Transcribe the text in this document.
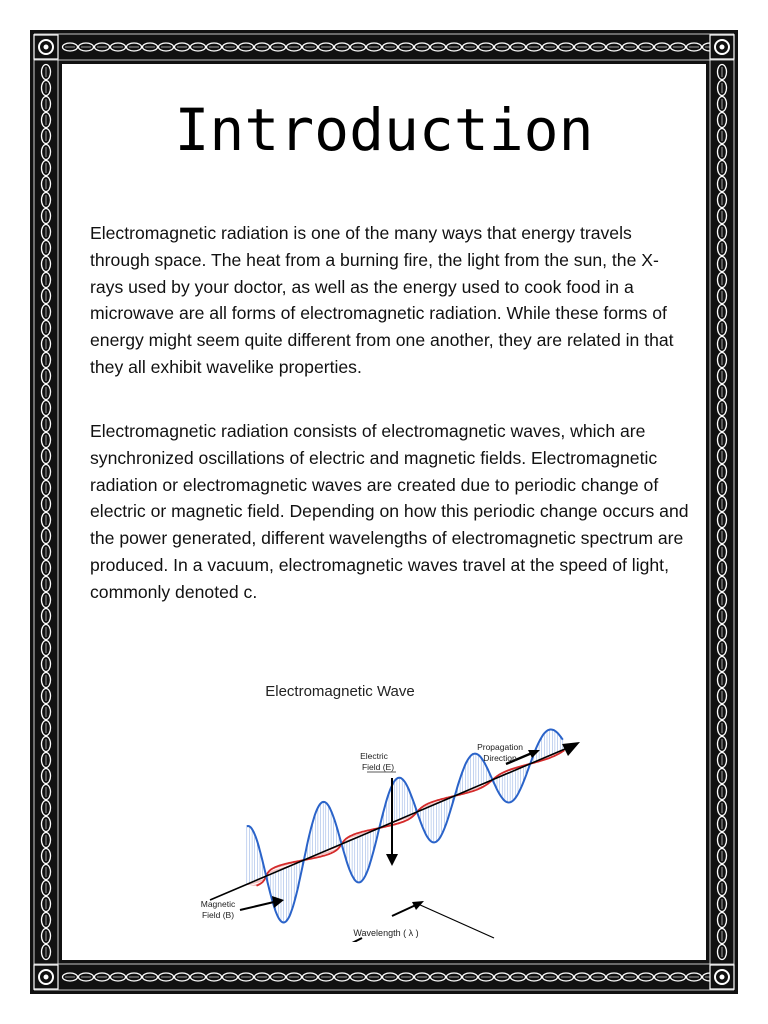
Introduction

Electromagnetic radiation is one of the many ways that energy travels through space. The heat from a burning fire, the light from the sun, the X-rays used by your doctor, as well as the energy used to cook food in a microwave are all forms of electromagnetic radiation. While these forms of energy might seem quite different from one another, they are related in that they all exhibit wavelike properties.

Electromagnetic radiation consists of electromagnetic waves, which are synchronized oscillations of electric and magnetic fields. Electromagnetic radiation or electromagnetic waves are created due to periodic change of electric or magnetic field. Depending on how this periodic change occurs and the power generated, different wavelengths of electromagnetic spectrum are produced. In a vacuum, electromagnetic waves travel at the speed of light, commonly denoted c.

Electromagnetic Wave
Propagation
Direction
Electric
Field (E)
Magnetic
Field (B)
Wavelength ( λ )
